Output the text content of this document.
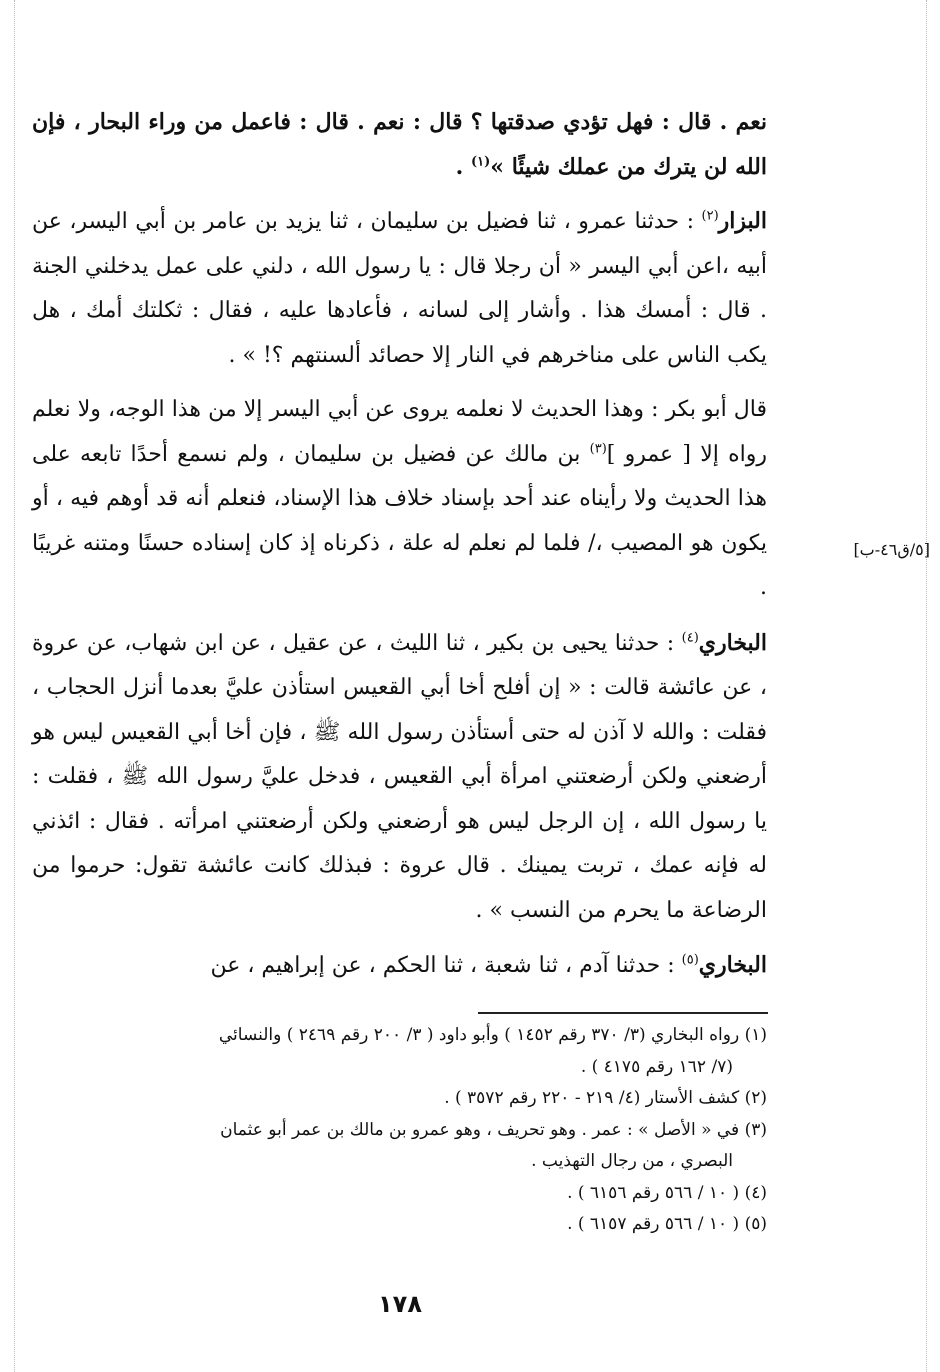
[٥/ق٤٦-ب]

نعم . قال : فهل تؤدي صدقتها ؟ قال : نعم . قال : فاعمل من وراء البحار ، فإن الله لن يترك من عملك شيئًا »$^{(١)}$ .

البزار$^{(٢)}$ : حدثنا عمرو ، ثنا فضيل بن سليمان ، ثنا يزيد بن عامر بن أبي اليسر، عن أبيه ،اعن أبي اليسر « أن رجلا قال : يا رسول الله ، دلني على عمل يدخلني الجنة . قال : أمسك هذا . وأشار إلى لسانه ، فأعادها عليه ، فقال : ثكلتك أمك ، هل يكب الناس على مناخرهم في النار إلا حصائد ألسنتهم ؟! » .

قال أبو بكر : وهذا الحديث لا نعلمه يروى عن أبي اليسر إلا من هذا الوجه، ولا نعلم رواه إلا [ عمرو ]$^{(٣)}$ بن مالك عن فضيل بن سليمان ، ولم نسمع أحدًا تابعه على هذا الحديث ولا رأيناه عند أحد بإسناد خلاف هذا الإسناد، فنعلم أنه قد أوهم فيه ، أو يكون هو المصيب ،/ فلما لم نعلم له علة ، ذكرناه إذ كان إسناده حسنًا ومتنه غريبًا .

البخاري$^{(٤)}$ : حدثنا يحيى بن بكير ، ثنا الليث ، عن عقيل ، عن ابن شهاب، عن عروة ، عن عائشة قالت : « إن أفلح أخا أبي القعيس استأذن عليَّ بعدما أنزل الحجاب ، فقلت : والله لا آذن له حتى أستأذن رسول الله ﷺ ، فإن أخا أبي القعيس ليس هو أرضعني ولكن أرضعتني امرأة أبي القعيس ، فدخل عليَّ رسول الله ﷺ ، فقلت : يا رسول الله ، إن الرجل ليس هو أرضعني ولكن أرضعتني امرأته . فقال : ائذني له فإنه عمك ، تربت يمينك . قال عروة : فبذلك كانت عائشة تقول: حرموا من الرضاعة ما يحرم من النسب » .

البخاري$^{(٥)}$ : حدثنا آدم ، ثنا شعبة ، ثنا الحكم ، عن إبراهيم ، عن

(١) رواه البخاري (٣/ ٣٧٠ رقم ١٤٥٢ ) وأبو داود ( ٣/ ٢٠٠ رقم ٢٤٦٩ ) والنسائي
(٧/ ١٦٢ رقم ٤١٧٥ ) .

(٢) كشف الأستار (٤/ ٢١٩ - ٢٢٠ رقم ٣٥٧٢ ) .

(٣) في « الأصل » : عمر . وهو تحريف ، وهو عمرو بن مالك بن عمر أبو عثمان
البصري ، من رجال التهذيب .

(٤) ( ١٠ / ٥٦٦ رقم ٦١٥٦ ) .

(٥) ( ١٠ / ٥٦٦ رقم ٦١٥٧ ) .

١٧٨
